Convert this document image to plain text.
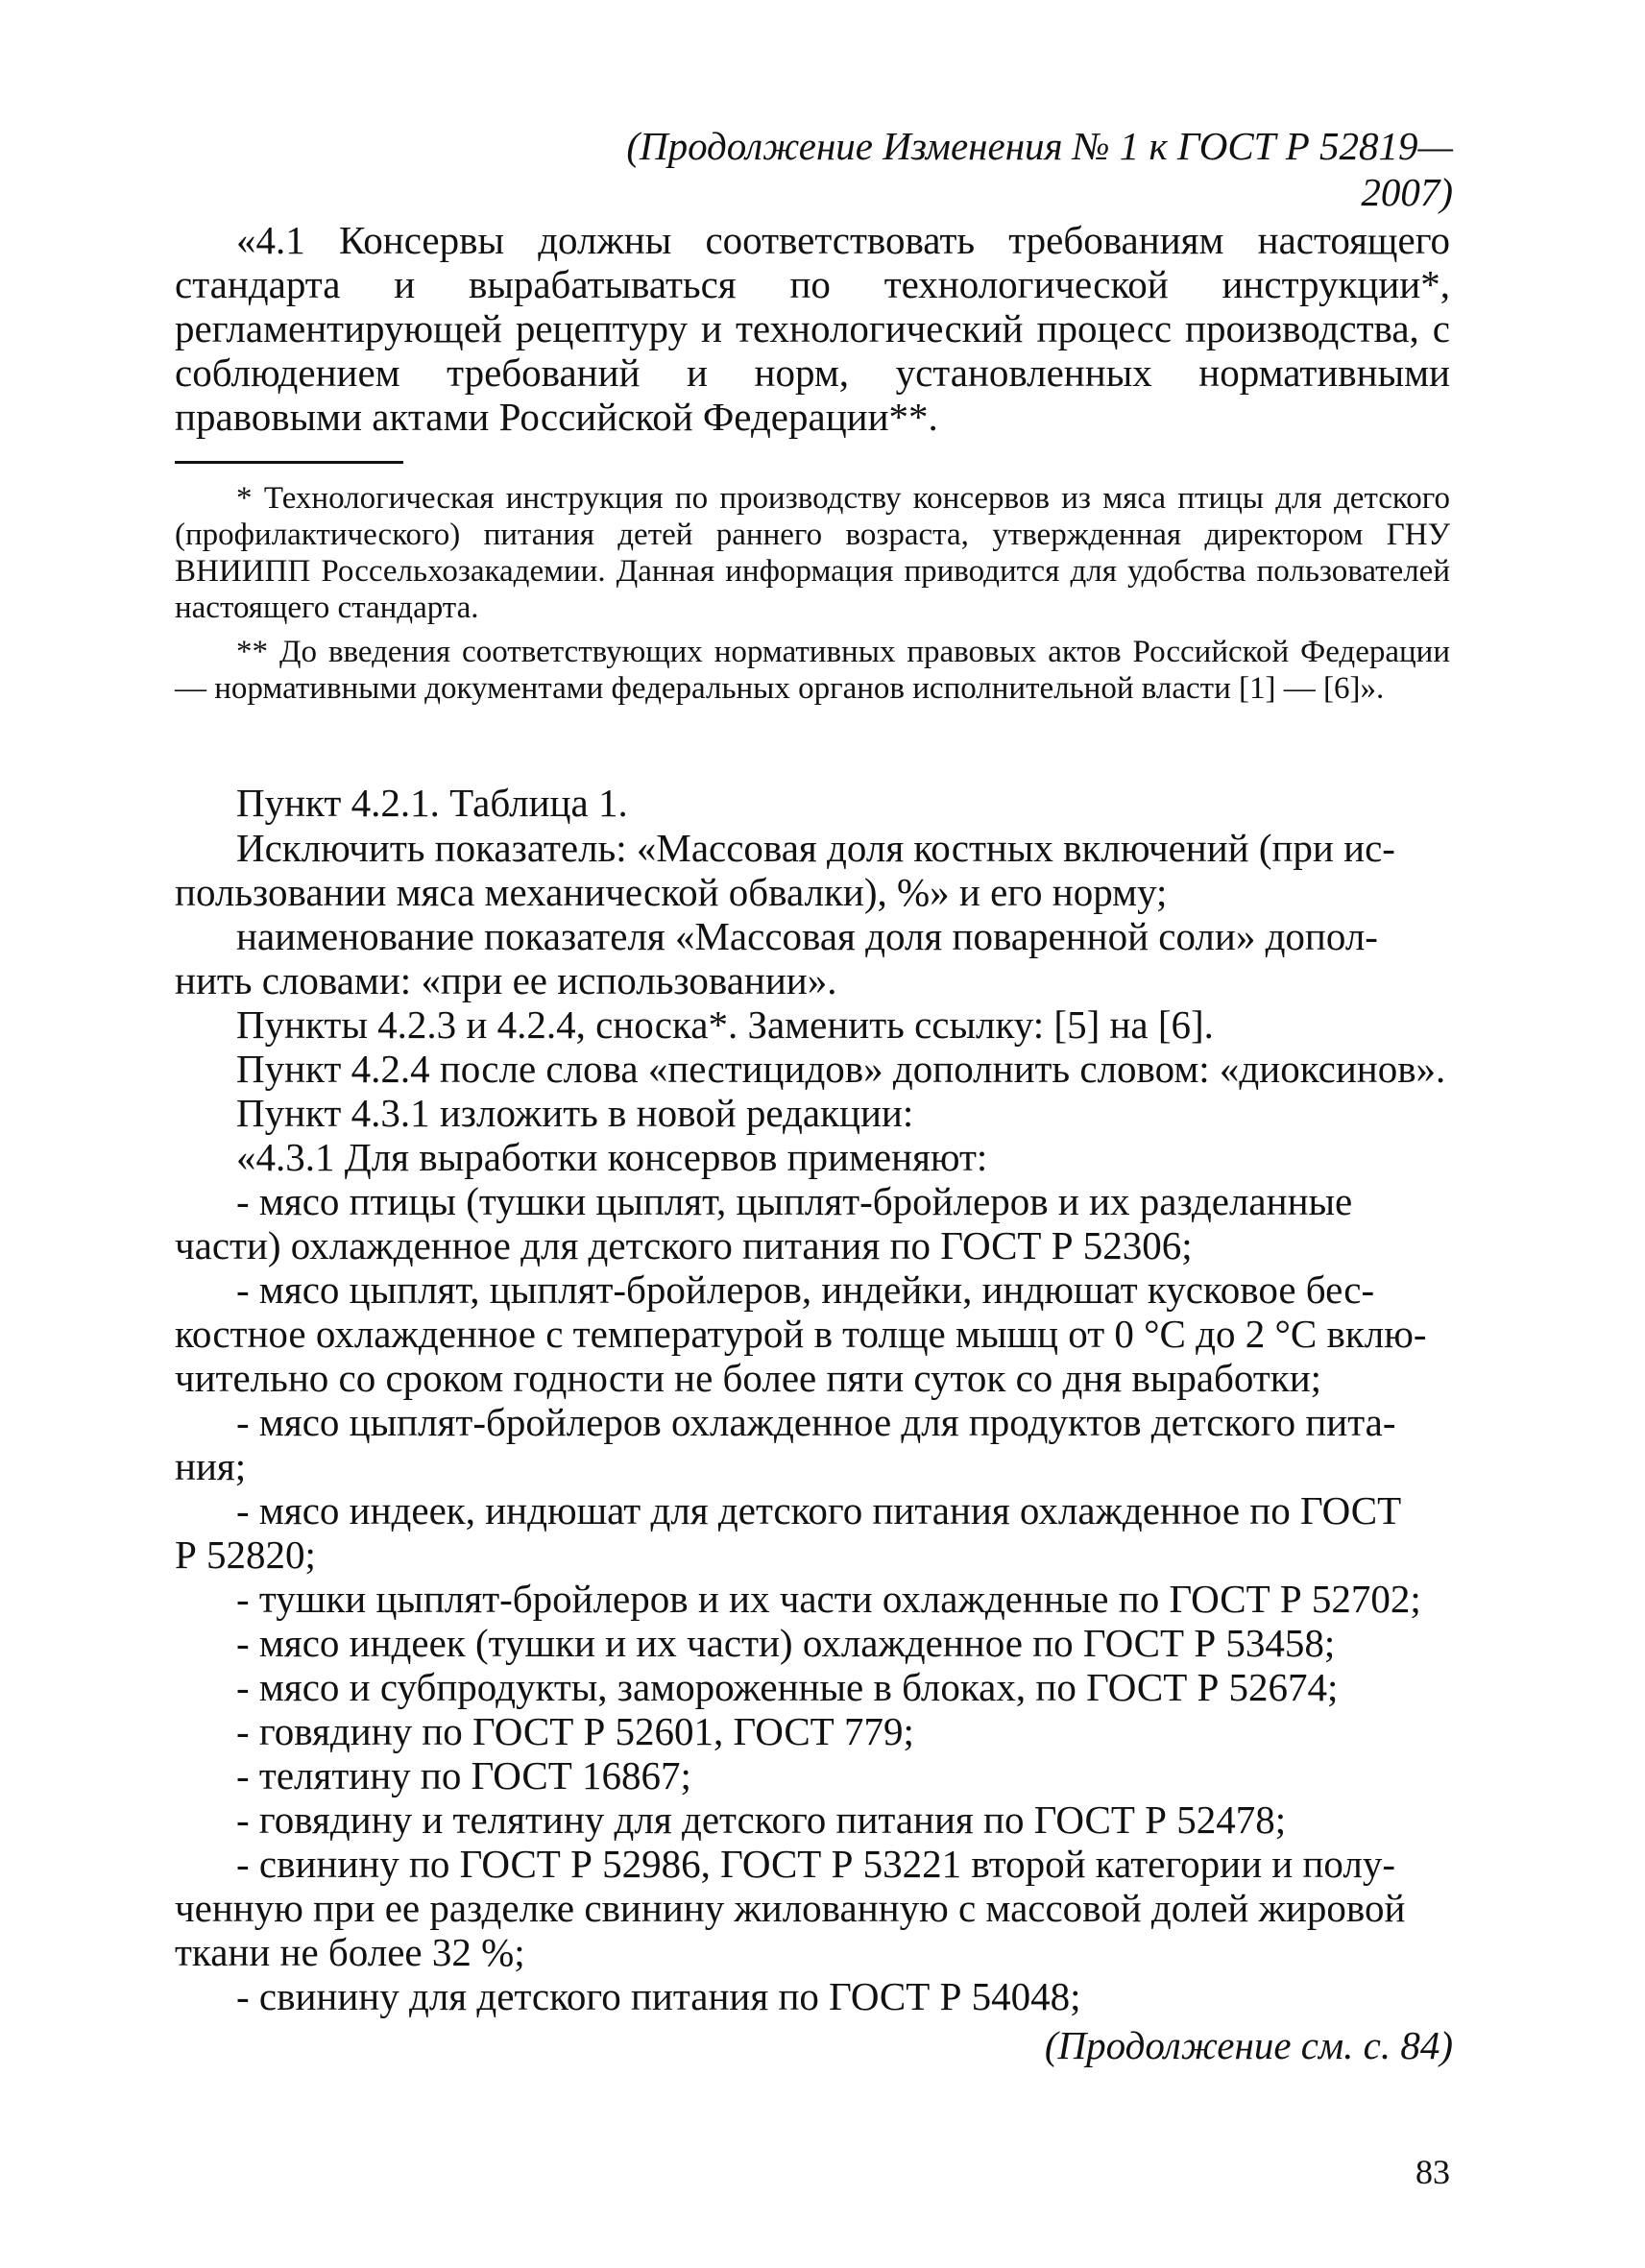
(Продолжение Изменения № 1 к ГОСТ Р 52819—2007)
«4.1 Консервы должны соответствовать требованиям настоящего стандарта и вырабатываться по технологической инструкции*, регламентирующей рецептуру и технологический процесс производства, с соблюдением требований и норм, установленных нормативными правовыми актами Российской Федерации**.
* Технологическая инструкция по производству консервов из мяса птицы для детского (профилактического) питания детей раннего возраста, утвержденная директором ГНУ ВНИИПП Россельхозакадемии. Данная информация приводится для удобства пользователей настоящего стандарта.
** До введения соответствующих нормативных правовых актов Российской Федерации — нормативными документами федеральных органов исполнительной власти [1] — [6]».
Пункт 4.2.1. Таблица 1.
Исключить показатель: «Массовая доля костных включений (при ис-
пользовании мяса механической обвалки), %» и его норму;
наименование показателя «Массовая доля поваренной соли» допол-
нить словами: «при ее использовании».
Пункты 4.2.3 и 4.2.4, сноска*. Заменить ссылку: [5] на [6].
Пункт 4.2.4 после слова «пестицидов» дополнить словом: «диоксинов».
Пункт 4.3.1 изложить в новой редакции:
«4.3.1 Для выработки консервов применяют:
- мясо птицы (тушки цыплят, цыплят-бройлеров и их разделанные
части) охлажденное для детского питания по ГОСТ Р 52306;
- мясо цыплят, цыплят-бройлеров, индейки, индюшат кусковое бес-
костное охлажденное с температурой в толще мышц от 0 °С до 2 °С вклю-
чительно со сроком годности не более пяти суток со дня выработки;
- мясо цыплят-бройлеров охлажденное для продуктов детского пита-
ния;
- мясо индеек, индюшат для детского питания охлажденное по ГОСТ
Р 52820;
- тушки цыплят-бройлеров и их части охлажденные по ГОСТ Р 52702;
- мясо индеек (тушки и их части) охлажденное по ГОСТ Р 53458;
- мясо и субпродукты, замороженные в блоках, по ГОСТ Р 52674;
- говядину по ГОСТ Р 52601, ГОСТ 779;
- телятину по ГОСТ 16867;
- говядину и телятину для детского питания по ГОСТ Р 52478;
- свинину по ГОСТ Р 52986, ГОСТ Р 53221 второй категории и полу-
ченную при ее разделке свинину жилованную с массовой долей жировой
ткани не более 32 %;
- свинину для детского питания по ГОСТ Р 54048;
(Продолжение см. с. 84)
83
